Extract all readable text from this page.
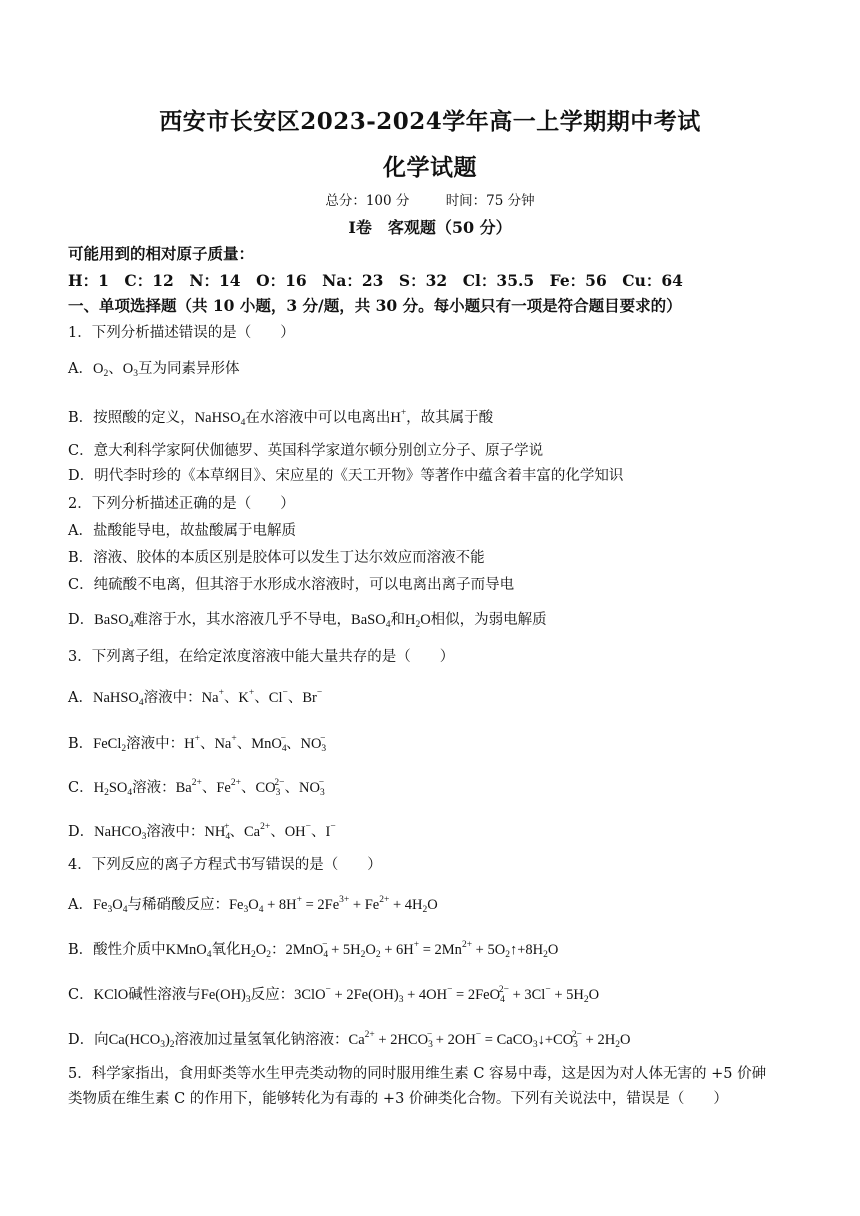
西安市长安区2023-2024学年高一上学期期中考试
化学试题
总分：100 分	时间：75 分钟
Ⅰ卷　客观题（50 分）
可能用到的相对原子质量：
H：1　C：12　N：14　O：16　Na：23　S：32　Cl：35.5　Fe：56　Cu：64
一、单项选择题（共 10 小题，3 分/题，共 30 分。每小题只有一项是符合题目要求的）
1．下列分析描述错误的是（　　）
A．$O_2$、$O_3$互为同素异形体
B．按照酸的定义，NaHSO$_4$在水溶液中可以电离出H+，故其属于酸
C．意大利科学家阿伏伽德罗、英国科学家道尔顿分别创立分子、原子学说
D．明代李时珍的《本草纲目》、宋应星的《天工开物》等著作中蕴含着丰富的化学知识
2．下列分析描述正确的是（　　）
A．盐酸能导电，故盐酸属于电解质
B．溶液、胶体的本质区别是胶体可以发生丁达尔效应而溶液不能
C．纯硫酸不电离，但其溶于水形成水溶液时，可以电离出离子而导电
D．BaSO$_4$难溶于水，其水溶液几乎不导电，BaSO$_4$和$H_2O$相似，为弱电解质
3．下列离子组，在给定浓度溶液中能大量共存的是（　　）
A．NaHSO$_4$溶液中：Na+、K+、Cl−、Br−
B．FeCl$_2$溶液中：H+、Na+、MnO$_4$−、$NO_3^-$
C．$H_2SO_4$溶液：$Ba^{2+}$、$Fe^{2+}$、$CO_3^{2-}$、$NO_3^-$
D．NaHCO$_3$溶液中：$NH_4^+$、$Ca^{2+}$、OH−、I−
4．下列反应的离子方程式书写错误的是（　　）
A．$Fe_3O_4$与稀硝酸反应：$Fe_3O_4 + 8H^+ = 2Fe^{3+} + Fe^{2+} + 4H_2O$
B．酸性介质中KMnO$_4$氧化$H_2O_2$：$2MnO_4^- + 5H_2O_2 + 6H^+ = 2Mn^{2+}$ + $5O_2↑+8H_2O$
C．KClO碱性溶液与$Fe(OH)_3$反应：$3ClO^- + 2Fe(OH)_3 + 4OH^- = 2FeO_4^{2-} + 3Cl^- + 5H_2O$
D．向$Ca(HCO_3)_2$溶液加过量氢氧化钠溶液：$Ca^{2+} + 2HCO_3^- + 2OH^-$ = $CaCO_3↓+CO_3^{2-} + 2H_2O$
5．科学家指出，食用虾类等水生甲壳类动物的同时服用维生素 C 容易中毒，这是因为对人体无害的 +5 价砷
类物质在维生素 C 的作用下，能够转化为有毒的 +3 价砷类化合物。下列有关说法中，错误是（　　）
